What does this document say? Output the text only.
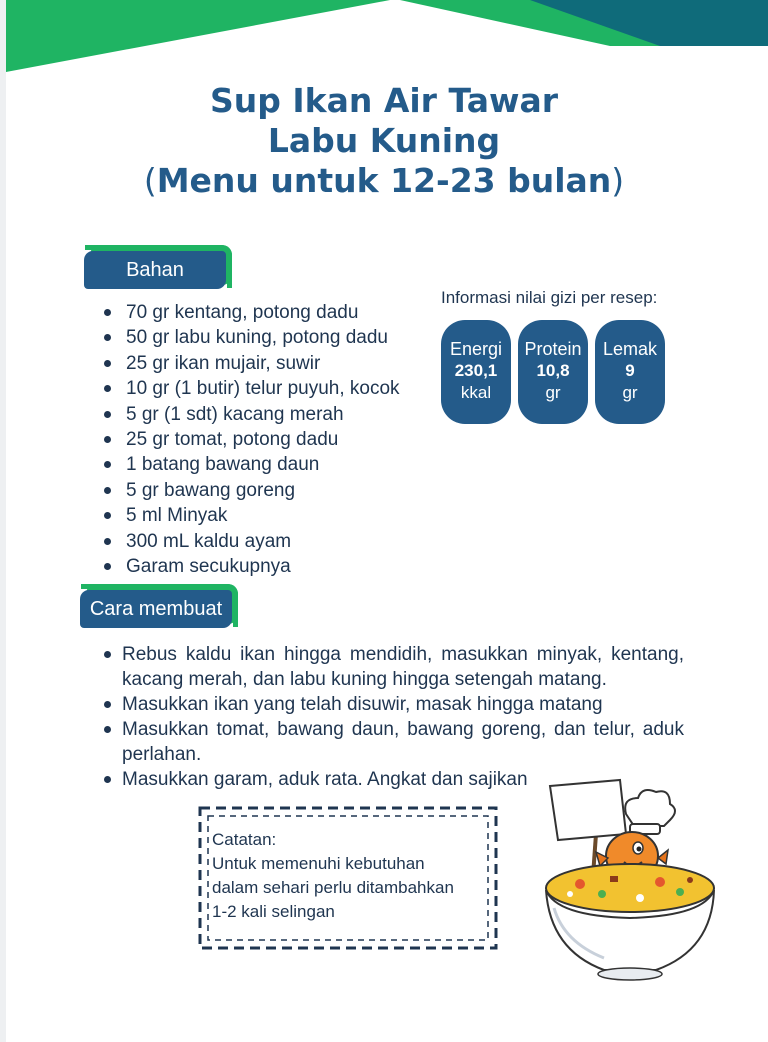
Sup Ikan Air Tawar
Labu Kuning
(Menu untuk 12-23 bulan)
Bahan
70 gr kentang, potong dadu
50 gr labu kuning, potong dadu
25 gr ikan mujair, suwir
10 gr (1 butir) telur puyuh, kocok
5 gr (1 sdt) kacang merah
25 gr tomat, potong dadu
1 batang bawang daun
5 gr bawang goreng
5 ml Minyak
300 mL kaldu ayam
Garam secukupnya
Informasi nilai gizi per resep:
Energi
230,1
kkal
Protein
10,8
gr
Lemak
9
gr
Cara membuat
Rebus kaldu ikan hingga mendidih, masukkan minyak, kentang, kacang merah, dan labu kuning hingga setengah matang.
Masukkan ikan yang telah disuwir, masak hingga matang
Masukkan tomat, bawang daun, bawang goreng, dan telur, aduk perlahan.
Masukkan garam, aduk rata. Angkat dan sajikan
Catatan:
Untuk memenuhi kebutuhan
dalam sehari perlu ditambahkan
1-2 kali selingan
